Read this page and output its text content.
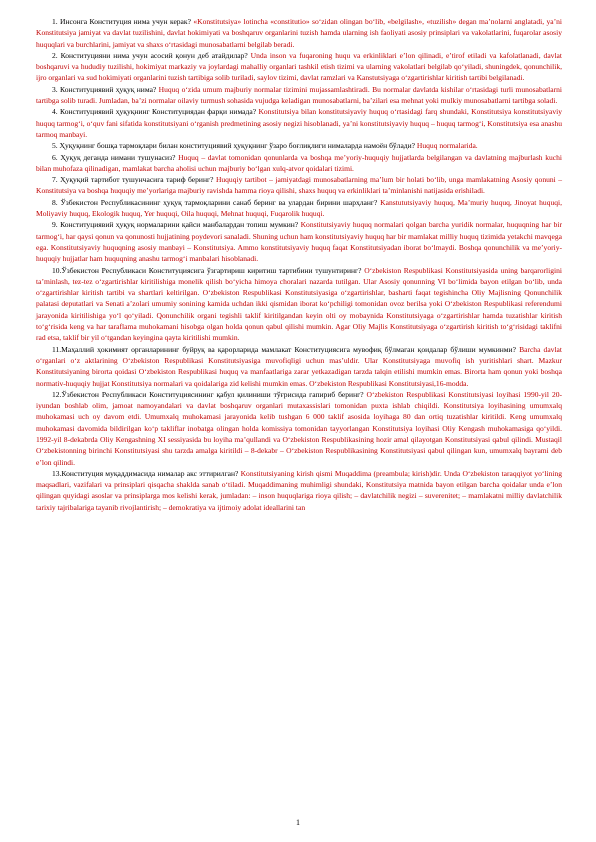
1. Инсонга Конституция нима учун керак? «Konstitutsiya» lotincha «constitutio» so‘zidan olingan bo‘lib, «belgilash», «tuzilish» degan ma’nolarni anglatadi, ya’ni Konstitutsiya jamiyat va davlat tuzilishini, davlat hokimiyati va boshqaruv organlarini tuzish hamda ularning ish faoliyati asosiy prinsiplari va vakolatlarini, fuqarolar asosiy huquqlari va burchlarini, jamiyat va shaxs o‘rtasidagi munosabatlarni belgilab beradi.

2. Конституцияни нима учун асосий қонун деб атайдилар? Unda inson va fuqaroning huqu va erkinliklari e’lon qilinadi, e’tirof etiladi va kafolatlanadi, davlat boshqaruvi va hududiy tuzilishi, hokimiyat markaziy va joylardagi mahalliy organlari tashkil etish tizimi va ularning vakolatlari belgilab qo‘yiladi, shuningdek, qonunchilik, ijro organlari va sud hokimiyati organlarini tuzish tartibiga solib turiladi, saylov tizimi, davlat ramzlari va Kanstutsiyaga o‘zgartirishlar kiritish tartibi belgilanadi.

3. Конституциявий ҳуқуқ нима? Huquq o‘zida umum majburiy normalar tizimini mujassamlashtiradi. Bu normalar davlatda kishilar o‘rtasidagi turli munosabatlarni tartibga solib turadi. Jumladan, ba’zi normalar oilaviy turmush sohasida vujudga keladigan munosabatlarni, ba’zilari esa mehnat yoki mulkiy munosabatlarni tartibga soladi.

4. Конституциявий ҳуқуқнинг Конституциядан фарқи нимада? Konstitutsiya bilan konstitutsiyaviy huquq o‘rtasidagi farq shundaki, Konstitutsiya konstitutsiyaviy huquq tarmog‘i, o‘quv fani sifatida konstitutsiyani o‘rganish predmetining asosiy negizi hisoblanadi, ya’ni konstitutsiyaviy huquq – huquq tarmog‘i, Konstitutsiya esa anashu tarmoq manbayi.

5. Ҳуқуқнинг бошқа тармоқлари билан конституциявий ҳуқуқнинг ўзаро боғлиқлиги нималарда намоён бўлади? Huquq normalarida.

6. Ҳуқуқ деганда нимани тушунасиз? Huquq – davlat tomonidan qonunlarda va boshqa me’yoriy-huquqiy hujjatlarda belgilangan va davlatning majburlash kuchi bilan muhofaza qilinadigan, mamlakat barcha aholisi uchun majburiy bo‘lgan xulq-atvor qoidalari tizimi.

7. Ҳуқуқий тартибот тушунчасига тариф беринг? Huquqiy tartibot – jamiyatdagi munosabatlarning ma’lum bir holati bo‘lib, unga mamlakatning Asosiy qonuni – Konstitutsiya va boshqa huquqiy me’yorlariga majburiy ravishda hamma rioya qilishi, shaxs huquq va erkinliklari ta’minlanishi natijasida erishiladi.

8. Ўзбекистон Республикасининг ҳуқуқ тармоқларини санаб беринг ва улардан бирини шарҳланг? Kanstututsiyaviy huquq, Ma’muriy huquq, Jinoyat huquqi, Moliyaviy huquq, Ekologik huquq, Yer huquqi, Oila huquqi, Mehnat huquqi, Fuqarolik huquqi.

9. Конституциявий ҳуқуқ нормаларини қайси манбалардан топиш мумкин? Konstitutsiyaviy huquq normalari qolgan barcha yuridik normalar, huquqning har bir tarmog‘i, har qaysi qonun va qonunosti hujjatining poydevori sanaladi. Shuning uchun ham konstitutsiyaviy huquq har bir mamlakat milliy huquq tizimida yetakchi mavqega ega. Konstitutsiyaviy huquqning asosiy manbayi – Konstitutsiya. Ammo konstitutsiyaviy huquq faqat Konstitutsiyadan iborat bo‘lmaydi. Boshqa qonunchilik va me’yoriy-huquqiy hujjatlar ham huquqning anashu tarmog‘i manbalari hisoblanadi.

10.Ўзбекистон Республикаси Конституциясига ўзгартириш киритиш тартибини тушунтиринг? O‘zbekiston Respublikasi Konstitutsiyasida uning barqarorligini ta’minlash, tez-tez o‘zgartirishlar kiritilishiga monelik qilish bo‘yicha himoya choralari nazarda tutilgan. Ular Asosiy qonunning VI bo‘limida bayon etilgan bo‘lib, unda o‘zgartirishlar kiritish tartibi va shartlari keltirilgan. O‘zbekiston Respublikasi Konstitutsiyasiga o‘zgartirishlar, basharti faqat tegishincha Oliy Majlisning Qonunchilik palatasi deputatlari va Senati a’zolari umumiy sonining kamida uchdan ikki qismidan iborat ko‘pchiligi tomonidan ovoz berilsa yoki O‘zbekiston Respublikasi referendumi jarayonida kiritilishiga yo‘l qo‘yiladi. Qonunchilik organi tegishli taklif kiritilgandan keyin olti oy mobaynida Konstitutsiyaga o‘zgartirishlar hamda tuzatishlar kiritish to‘g‘risida keng va har taraflama muhokamani hisobga olgan holda qonun qabul qilishi mumkin. Agar Oliy Majlis Konstitutsiyaga o‘zgartirish kiritish to‘g‘risidagi taklifni rad etsa, taklif bir yil o‘tgandan keyingina qayta kiritilishi mumkin.

11.Маҳаллий ҳокимият органларининг буйруқ ва қарорларида мамлакат Конституциясига мувофиқ бўлмаган қоидалар бўлиши мумкинми? Barcha davlat o‘rganlari o‘z aktlarining O‘zbekiston Respublikasi Konstitutsiyasiga muvofiqligi uchun mas’uldir. Ular Konstitutsiyaga muvofiq ish yuritishlari shart. Mazkur Konstitutsiyaning birorta qoidasi O‘zbekiston Respublikasi huquq va manfaatlariga zarar yetkazadigan tarzda talqin etilishi mumkin emas. Birorta ham qonun yoki boshqa normativ-huquqiy hujjat Konstitutsiya normalari va qoidalariga zid kelishi mumkin emas. O‘zbekiston Respublikasi Konstitutsiyasi,16-modda.

12.Ўзбекистон Республикаси Конституциясининг қабул қилиниши тўғрисида гапириб беринг? O‘zbekiston Respublikasi Konstitutsiyasi loyihasi 1990-yil 20-iyundan boshlab olim, jamoat namoyandalari va davlat boshqaruv organlari mutaxassislari tomonidan puxta ishlab chiqildi. Konstitutsiya loyihasining umumxalq muhokamasi uch oy davom etdi. Umumxalq muhokamasi jarayonida kelib tushgan 6 000 taklif asosida loyihaga 80 dan ortiq tuzatishlar kiritildi. Keng umumxalq muhokamasi davomida bildirilgan ko‘p takliflar inobatga olingan holda komissiya tomonidan tayyorlangan Konstitutsiya loyihasi Oliy Kengash muhokamasiga qo‘yildi. 1992-yil 8-dekabrda Oliy Kengashning XI sessiyasida bu loyiha ma’qullandi va O‘zbekiston Respublikasining hozir amal qilayotgan Konstitutsiyasi qabul qilindi. Mustaqil O‘zbekistonning birinchi Konstitutsiyasi shu tarzda amalga kiritildi – 8-dekabr – O‘zbekiston Respublikasining Konstitutsiyasi qabul qilingan kun, umumxalq bayrami deb e’lon qilindi.

13.Конституция муқаддимасида нималар акс эттирилган? Konstitutsiyaning kirish qismi Muqaddima (preambula; kirish)dir. Unda O‘zbekiston taraqqiyot yo‘lining maqsadlari, vazifalari va prinsiplari qisqacha shaklda sanab o‘tiladi. Muqaddimaning muhimligi shundaki, Konstitutsiya matnida bayon etilgan barcha qoidalar unda e’lon qilingan quyidagi asoslar va prinsiplarga mos kelishi kerak, jumladan: – inson huquqlariga rioya qilish; – davlatchilik negizi – suverenitet; – mamlakatni milliy davlatchilik tarixiy tajribalariga tayanib rivojlantirish; – demokratiya va ijtimoiy adolat ideallarini tan

1
